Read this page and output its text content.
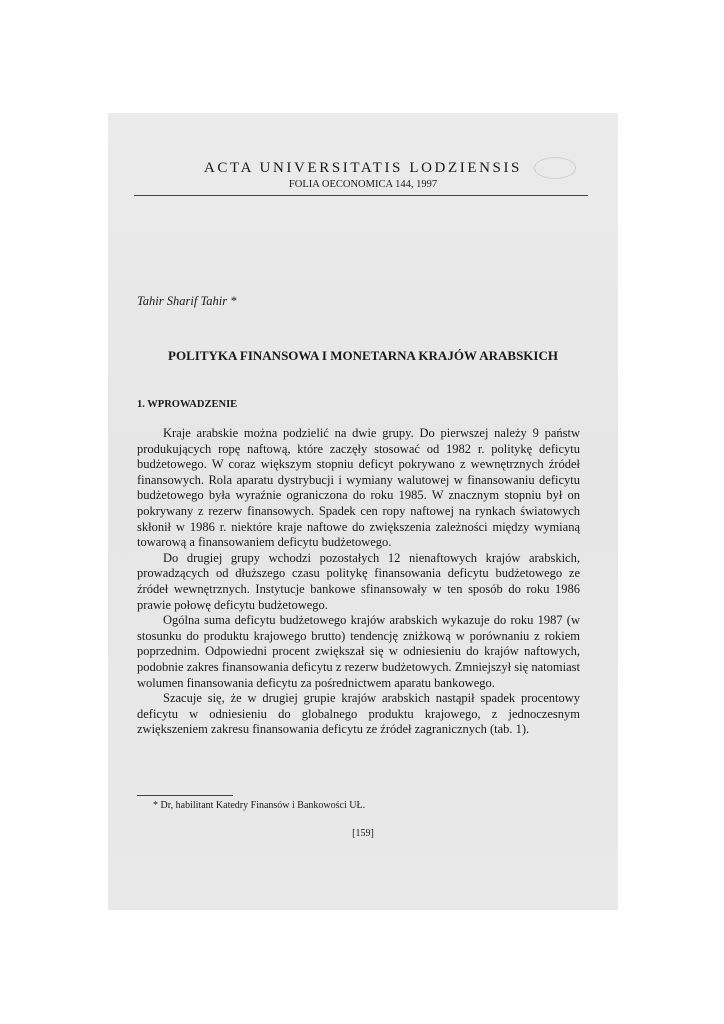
ACTA UNIVERSITATIS LODZIENSIS
FOLIA OECONOMICA 144, 1997
Tahir Sharif Tahir *
POLITYKA FINANSOWA I MONETARNA KRAJÓW ARABSKICH
1. WPROWADZENIE

Kraje arabskie można podzielić na dwie grupy. Do pierwszej należy 9 państw produkujących ropę naftową, które zaczęły stosować od 1982 r. politykę deficytu budżetowego. W coraz większym stopniu deficyt pokrywano z wewnętrznych źródeł finansowych. Rola aparatu dystrybucji i wymiany walutowej w finansowaniu deficytu budżetowego była wyraźnie ograniczona do roku 1985. W znacznym stopniu był on pokrywany z rezerw finansowych. Spadek cen ropy naftowej na rynkach światowych skłonił w 1986 r. niektóre kraje naftowe do zwiększenia zależności między wymianą towarową a finansowaniem deficytu budżetowego.

Do drugiej grupy wchodzi pozostałych 12 nienaftowych krajów arabskich, prowadzących od dłuższego czasu politykę finansowania deficytu budżetowego ze źródeł wewnętrznych. Instytucje bankowe sfinansowały w ten sposób do roku 1986 prawie połowę deficytu budżetowego.

Ogólna suma deficytu budżetowego krajów arabskich wykazuje do roku 1987 (w stosunku do produktu krajowego brutto) tendencję zniżkową w porównaniu z rokiem poprzednim. Odpowiedni procent zwiększał się w odniesieniu do krajów naftowych, podobnie zakres finansowania deficytu z rezerw budżetowych. Zmniejszył się natomiast wolumen finansowania deficytu za pośrednictwem aparatu bankowego.

Szacuje się, że w drugiej grupie krajów arabskich nastąpił spadek procentowy deficytu w odniesieniu do globalnego produktu krajowego, z jednoczesnym zwiększeniem zakresu finansowania deficytu ze źródeł zagranicznych (tab. 1).

* Dr, habilitant Katedry Finansów i Bankowości UŁ.
[159]
